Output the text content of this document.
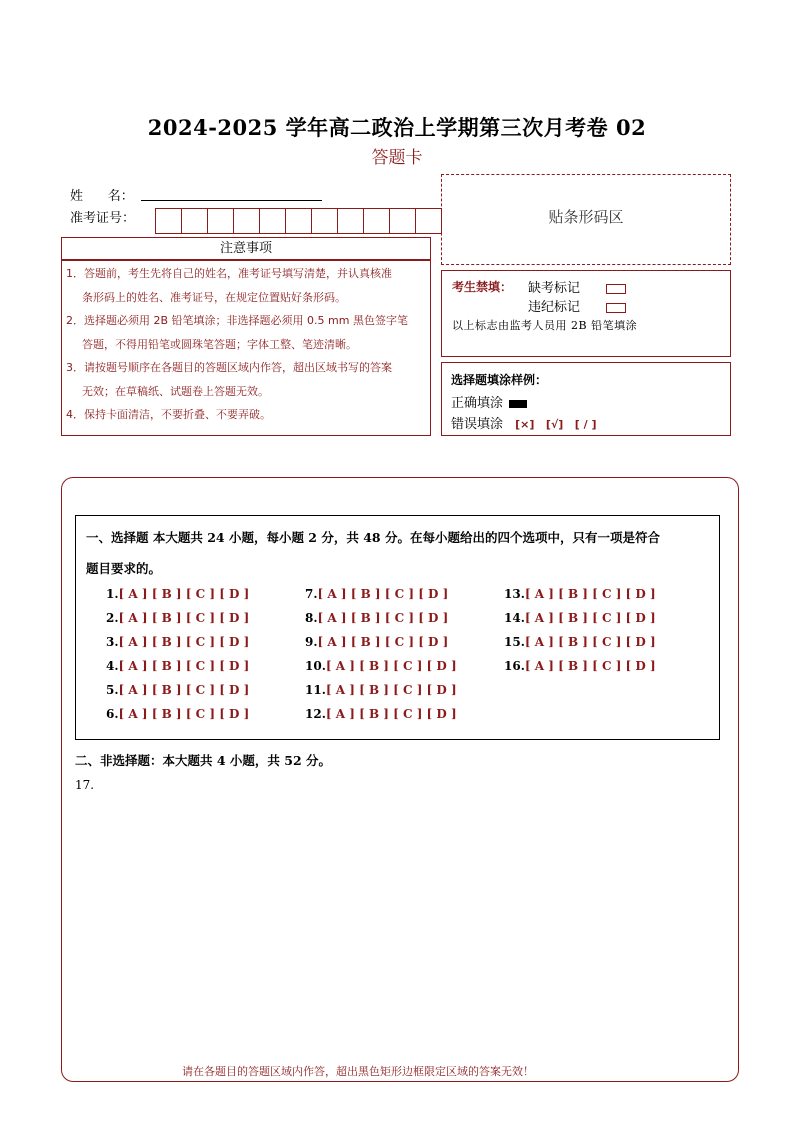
2024-2025 学年高二政治上学期第三次月考卷 02
答题卡
姓      名：
准考证号：
注意事项
1．答题前，考生先将自己的姓名，准考证号填写清楚，并认真核准
条形码上的姓名、准考证号，在规定位置贴好条形码。
2．选择题必须用 2B 铅笔填涂；非选择题必须用 0.5 mm 黑色签字笔
答题，不得用铅笔或圆珠笔答题；字体工整、笔迹清晰。
3．请按题号顺序在各题目的答题区域内作答，超出区域书写的答案
无效；在草稿纸、试题卷上答题无效。
4．保持卡面清洁，不要折叠、不要弄破。
贴条形码区
考生禁填： 缺考标记
违纪标记
以上标志由监考人员用 2B 铅笔填涂
选择题填涂样例：
正确填涂
错误填涂 [×]   [√]   [ / ]
一、选择题 本大题共 24 小题，每小题 2 分，共 48 分。在每小题给出的四个选项中，只有一项是符合
题目要求的。
1.[ A ] [ B ] [ C ] [ D ]
2.[ A ] [ B ] [ C ] [ D ]
3.[ A ] [ B ] [ C ] [ D ]
4.[ A ] [ B ] [ C ] [ D ]
5.[ A ] [ B ] [ C ] [ D ]
6.[ A ] [ B ] [ C ] [ D ]
7.[ A ] [ B ] [ C ] [ D ]
8.[ A ] [ B ] [ C ] [ D ]
9.[ A ] [ B ] [ C ] [ D ]
10.[ A ] [ B ] [ C ] [ D ]
11.[ A ] [ B ] [ C ] [ D ]
12.[ A ] [ B ] [ C ] [ D ]
13.[ A ] [ B ] [ C ] [ D ]
14.[ A ] [ B ] [ C ] [ D ]
15.[ A ] [ B ] [ C ] [ D ]
16.[ A ] [ B ] [ C ] [ D ]
二、非选择题：本大题共 4 小题，共 52 分。
17.
请在各题目的答题区域内作答，超出黑色矩形边框限定区域的答案无效！
